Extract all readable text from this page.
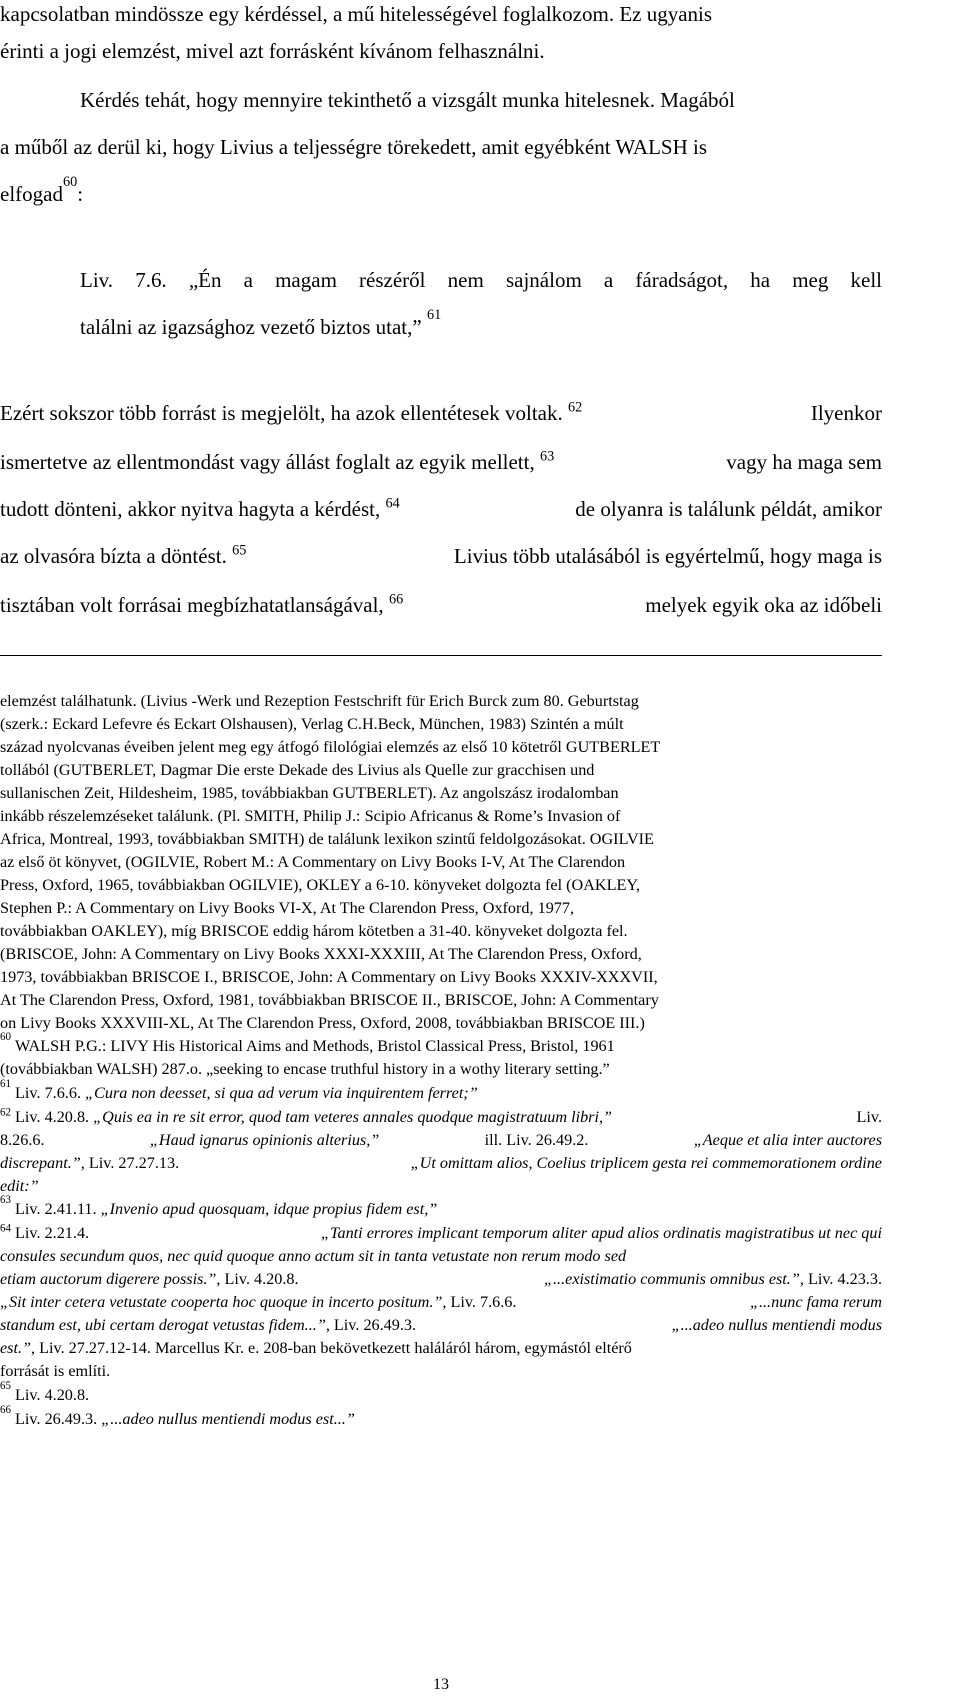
kapcsolatban mindössze egy kérdéssel, a mű hitelességével foglalkozom. Ez ugyanis
érinti a jogi elemzést, mivel azt forrásként kívánom felhasználni.
Kérdés tehát, hogy mennyire tekinthető a vizsgált munka hitelesnek. Magából
a műből az derül ki, hogy Livius a teljességre törekedett, amit egyébként WALSH is
elfogad 60 :
Liv. 7.6. „Én a magam részéről nem sajnálom a fáradságot, ha meg kell
találni az igazsághoz vezető biztos utat,”
61
Ezért sokszor több forrást is megjelölt, ha azok ellentétesek voltak. $^{62}$	Ilyenkor
ismertetve az ellentmondást vagy állást foglalt az egyik mellett, $^{63}$	vagy ha maga sem
tudott dönteni, akkor nyitva hagyta a kérdést, $^{64}$	de olyanra is találunk példát, amikor
az olvasóra bízta a döntést. $^{65}$	Livius több utalásából is egyértelmű, hogy maga is
tisztában volt forrásai megbízhatatlanságával, $^{66}$	melyek egyik oka az időbeli
elemzést találhatunk. (Livius -Werk und Rezeption Festschrift für Erich Burck zum 80. Geburtstag
(szerk.: Eckard Lefevre és Eckart Olshausen), Verlag C.H.Beck, München, 1983) Szintén a múlt
század nyolcvanas éveiben jelent meg egy átfogó filológiai elemzés az első 10 kötetről GUTBERLET
tollából (GUTBERLET, Dagmar Die erste Dekade des Livius als Quelle zur gracchisen und
sullanischen Zeit, Hildesheim, 1985, továbbiakban GUTBERLET). Az angolszász irodalomban
inkább részelemzéseket találunk. (Pl. SMITH, Philip J.: Scipio Africanus & Rome’s Invasion of
Africa, Montreal, 1993, továbbiakban SMITH) de találunk lexikon szintű feldolgozásokat. OGILVIE
az első öt könyvet, (OGILVIE, Robert M.: A Commentary on Livy Books I-V, At The Clarendon
Press, Oxford, 1965, továbbiakban OGILVIE), OKLEY a 6-10. könyveket dolgozta fel (OAKLEY,
Stephen P.: A Commentary on Livy Books VI-X, At The Clarendon Press, Oxford, 1977,
továbbiakban OAKLEY), míg BRISCOE eddig három kötetben a 31-40. könyveket dolgozta fel.
(BRISCOE, John: A Commentary on Livy Books XXXI-XXXIII, At The Clarendon Press, Oxford,
1973, továbbiakban BRISCOE I., BRISCOE, John: A Commentary on Livy Books XXXIV-XXXVII,
At The Clarendon Press, Oxford, 1981, továbbiakban BRISCOE II., BRISCOE, John: A Commentary
on Livy Books XXXVIII-XL, At The Clarendon Press, Oxford, 2008, továbbiakban BRISCOE III.)
60
WALSH P.G.: LIVY His Historical Aims and Methods, Bristol Classical Press, Bristol, 1961
(továbbiakban WALSH) 287.o. „seeking to encase truthful history in a wothy literary setting.”
61
Liv. 7.6.6.
„Cura non deesset, si qua ad verum via inquirentem ferret;”
$^{62}$ Liv. 4.20.8. „Quis ea in re sit error, quod tam veteres annales quodque magistratuum libri,”	Liv.
8.26.6.	„Haud ignarus opinionis alterius,”	ill. Liv. 26.49.2.	„Aeque et alia inter auctores
discrepant.”, Liv. 27.27.13.	„Ut omittam alios, Coelius triplicem gesta rei commemorationem ordine
edit:”
63
Liv. 2.41.11.
„Invenio apud quosquam, idque propius fidem est,”
$^{64}$ Liv. 2.21.4.	„Tanti errores implicant temporum aliter apud alios ordinatis magistratibus ut nec qui
consules secundum quos, nec quid quoque anno actum sit in tanta vetustate non rerum modo sed
etiam auctorum digerere possis.”, Liv. 4.20.8.	„...existimatio communis omnibus est.”, Liv. 4.23.3.
„Sit inter cetera vetustate cooperta hoc quoque in incerto positum.”, Liv. 7.6.6.	„...nunc fama rerum
standum est, ubi certam derogat vetustas fidem...”, Liv. 26.49.3.	„...adeo nullus mentiendi modus
est.”, Liv. 27.27.12-14. Marcellus Kr. e. 208-ban bekövetkezett haláláról három, egymástól eltérő
forrását is említi.
65
Liv. 4.20.8.
66
Liv. 26.49.3.
„...adeo nullus mentiendi modus est...”
13
